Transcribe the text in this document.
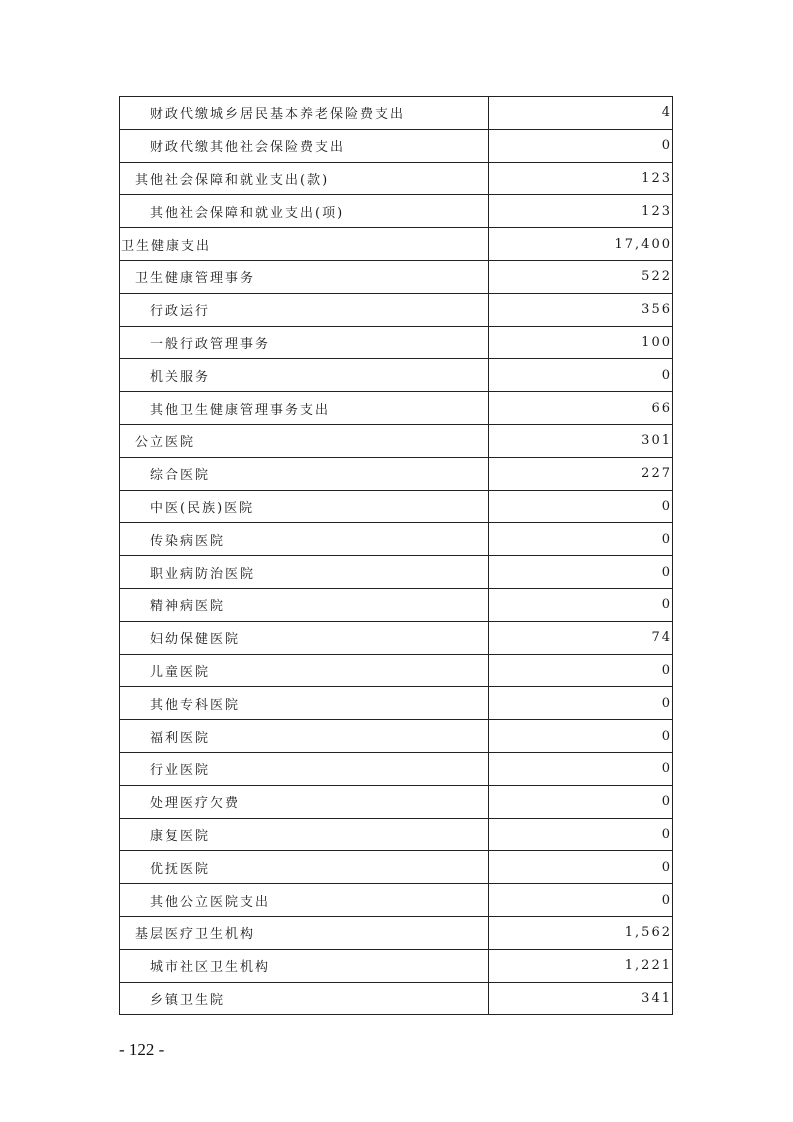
财政代缴城乡居民基本养老保险费支出	4
财政代缴其他社会保险费支出	0
其他社会保障和就业支出(款)	123
其他社会保障和就业支出(项)	123
卫生健康支出	17,400
卫生健康管理事务	522
行政运行	356
一般行政管理事务	100
机关服务	0
其他卫生健康管理事务支出	66
公立医院	301
综合医院	227
中医(民族)医院	0
传染病医院	0
职业病防治医院	0
精神病医院	0
妇幼保健医院	74
儿童医院	0
其他专科医院	0
福利医院	0
行业医院	0
处理医疗欠费	0
康复医院	0
优抚医院	0
其他公立医院支出	0
基层医疗卫生机构	1,562
城市社区卫生机构	1,221
乡镇卫生院	341
- 122 -
